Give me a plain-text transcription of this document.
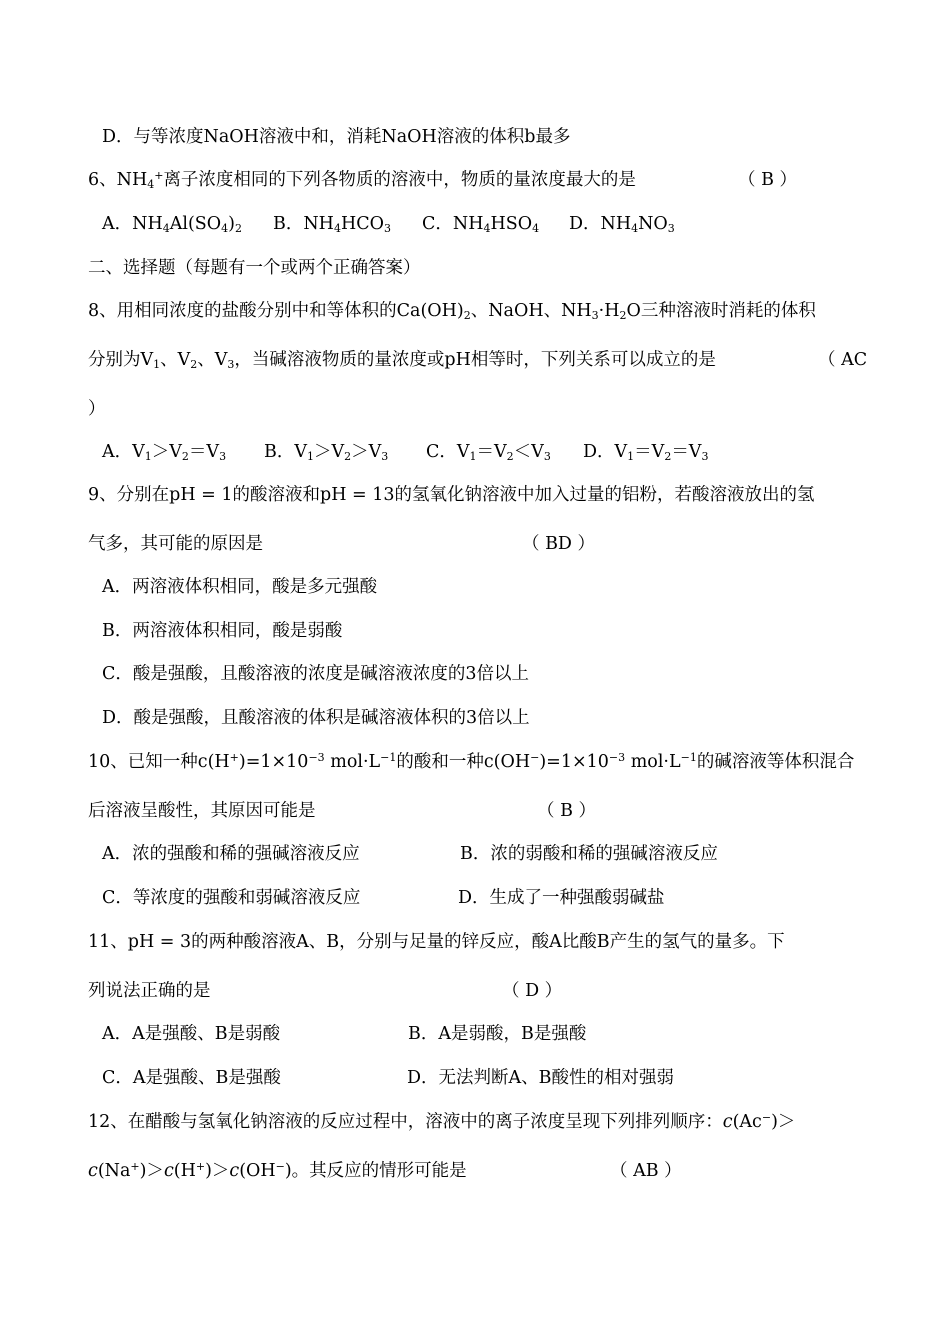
D．与等浓度NaOH溶液中和，消耗NaOH溶液的体积b最多
6、$NH_4^+$离子浓度相同的下列各物质的溶液中，物质的量浓度最大的是	（ B ）
A．$NH_4Al(SO_4)_2$ B．$NH_4HCO_3$ C．$NH_4HSO_4$ D．$NH_4NO_3$
二、选择题（每题有一个或两个正确答案）
8、用相同浓度的盐酸分别中和等体积的$Ca(OH)_2$、NaOH、$NH_3\cdot H_2O$三种溶液时消耗的体积
分别为$V_1$、$V_2$、$V_3$，当碱溶液物质的量浓度或pH相等时，下列关系可以成立的是	（ AC
）
A．$V_1>V_2=V_3$ B．$V_1>V_2>V_3$ C．$V_1=V_2<V_3$ D．$V_1=V_2=V_3$
9、分别在pH = 1的酸溶液和pH = 13的氢氧化钠溶液中加入过量的铝粉，若酸溶液放出的氢
气多，其可能的原因是	（ BD ）
A．两溶液体积相同，酸是多元强酸
B．两溶液体积相同，酸是弱酸
C．酸是强酸，且酸溶液的浓度是碱溶液浓度的3倍以上
D．酸是强酸，且酸溶液的体积是碱溶液体积的3倍以上
10、已知一种$c(H^+)=1\times 10^{-3}$ $mol\cdot L^{-1}$的酸和一种$c(OH^-)=1\times 10^{-3}$ $mol\cdot L^{-1}$的碱溶液等体积混合
后溶液呈酸性，其原因可能是	（ B ）
A．浓的强酸和稀的强碱溶液反应	B．浓的弱酸和稀的强碱溶液反应
C．等浓度的强酸和弱碱溶液反应	D．生成了一种强酸弱碱盐
11、pH = 3的两种酸溶液A、B，分别与足量的锌反应，酸A比酸B产生的氢气的量多。下
列说法正确的是	（ D ）
A．A是强酸、B是弱酸	B．A是弱酸，B是强酸
C．A是强酸、B是强酸	D．无法判断A、B酸性的相对强弱
12、在醋酸与氢氧化钠溶液的反应过程中，溶液中的离子浓度呈现下列排列顺序：c(Ac−)＞
c(Na+)＞c(H+)＞c(OH−)。其反应的情形可能是	（ AB ）
